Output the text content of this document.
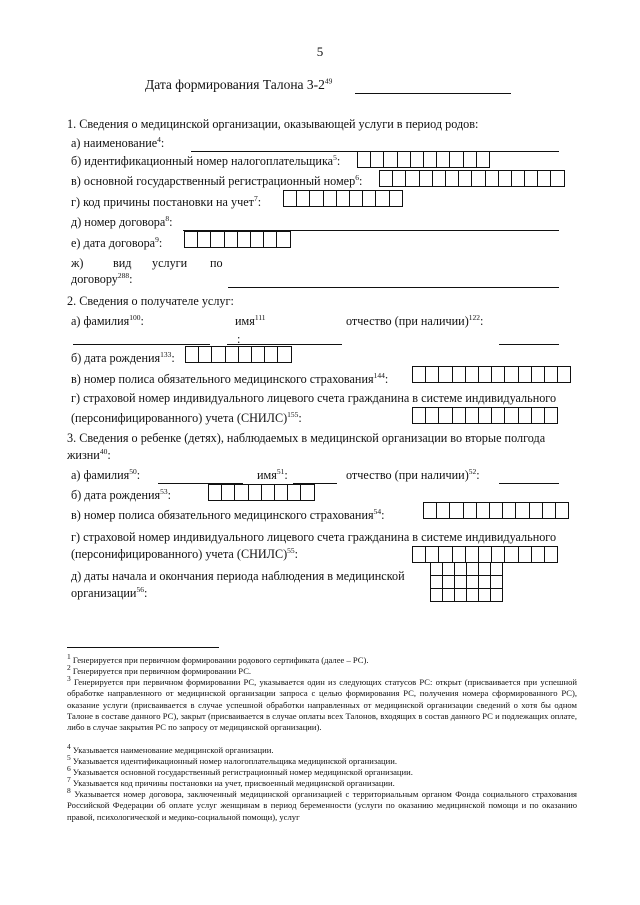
5
Дата формирования Талона $3-2^{49}$
1. Сведения о медицинской организации, оказывающей услуги в период родов:
а) наименование$^4$:
б) идентификационный номер налогоплательщика$^5$:
в) основной государственный регистрационный номер$^6$:
г) код причины постановки на учет$^7$:
д) номер договора$^8$:
е) дата договора$^9$:
ж) вид услуги по
договору$^{288}$:
2. Сведения о получателе услуг:
а) фамилия$^{100}$:	имя$^{111}$	отчество (при наличии)$^{122}$:
:
б) дата рождения$^{133}$:
в) номер полиса обязательного медицинского страхования$^{144}$:
г) страховой номер индивидуального лицевого счета гражданина в системе индивидуального
(персонифицированного) учета (СНИЛС)$^{155}$:
3. Сведения о ребенке (детях), наблюдаемых в медицинской организации во вторые полгода
жизни$^{40}$:
а) фамилия$^{50}$:	имя$^{51}$:	отчество (при наличии)$^{52}$:
б) дата рождения$^{53}$:
в) номер полиса обязательного медицинского страхования$^{54}$:
г) страховой номер индивидуального лицевого счета гражданина в системе индивидуального
(персонифицированного) учета (СНИЛС)$^{55}$:
д) даты начала и окончания периода наблюдения в медицинской
организации$^{56}$:
$^1$ Генерируется при первичном формировании родового сертификата (далее – РС).
$^2$ Генерируется при первичном формировании РС.
$^3$ Генерируется при первичном формировании РС, указывается один из следующих статусов РС: открыт (присваивается при успешной обработке направленного от медицинской организации запроса с целью формирования РС, получения номера сформированного РС), оказание услуги (присваивается в случае успешной обработки направленных от медицинской организации сведений о хотя бы одном Талоне в составе данного РС), закрыт (присваивается в случае оплаты всех Талонов, входящих в состав данного РС и подлежащих оплате, либо в случае закрытия РС по запросу от медицинской организации).
$^4$ Указывается наименование медицинской организации.
$^5$ Указывается идентификационный номер налогоплательщика медицинской организации.
$^6$ Указывается основной государственный регистрационный номер медицинской организации.
$^7$ Указывается код причины постановки на учет, присвоенный медицинской организации.
$^8$ Указывается номер договора, заключенный медицинской организацией с территориальным органом Фонда социального страхования Российской Федерации об оплате услуг женщинам в период беременности (услуги по оказанию медицинской помощи и по оказанию правой, психологической и медико-социальной помощи), услуг
